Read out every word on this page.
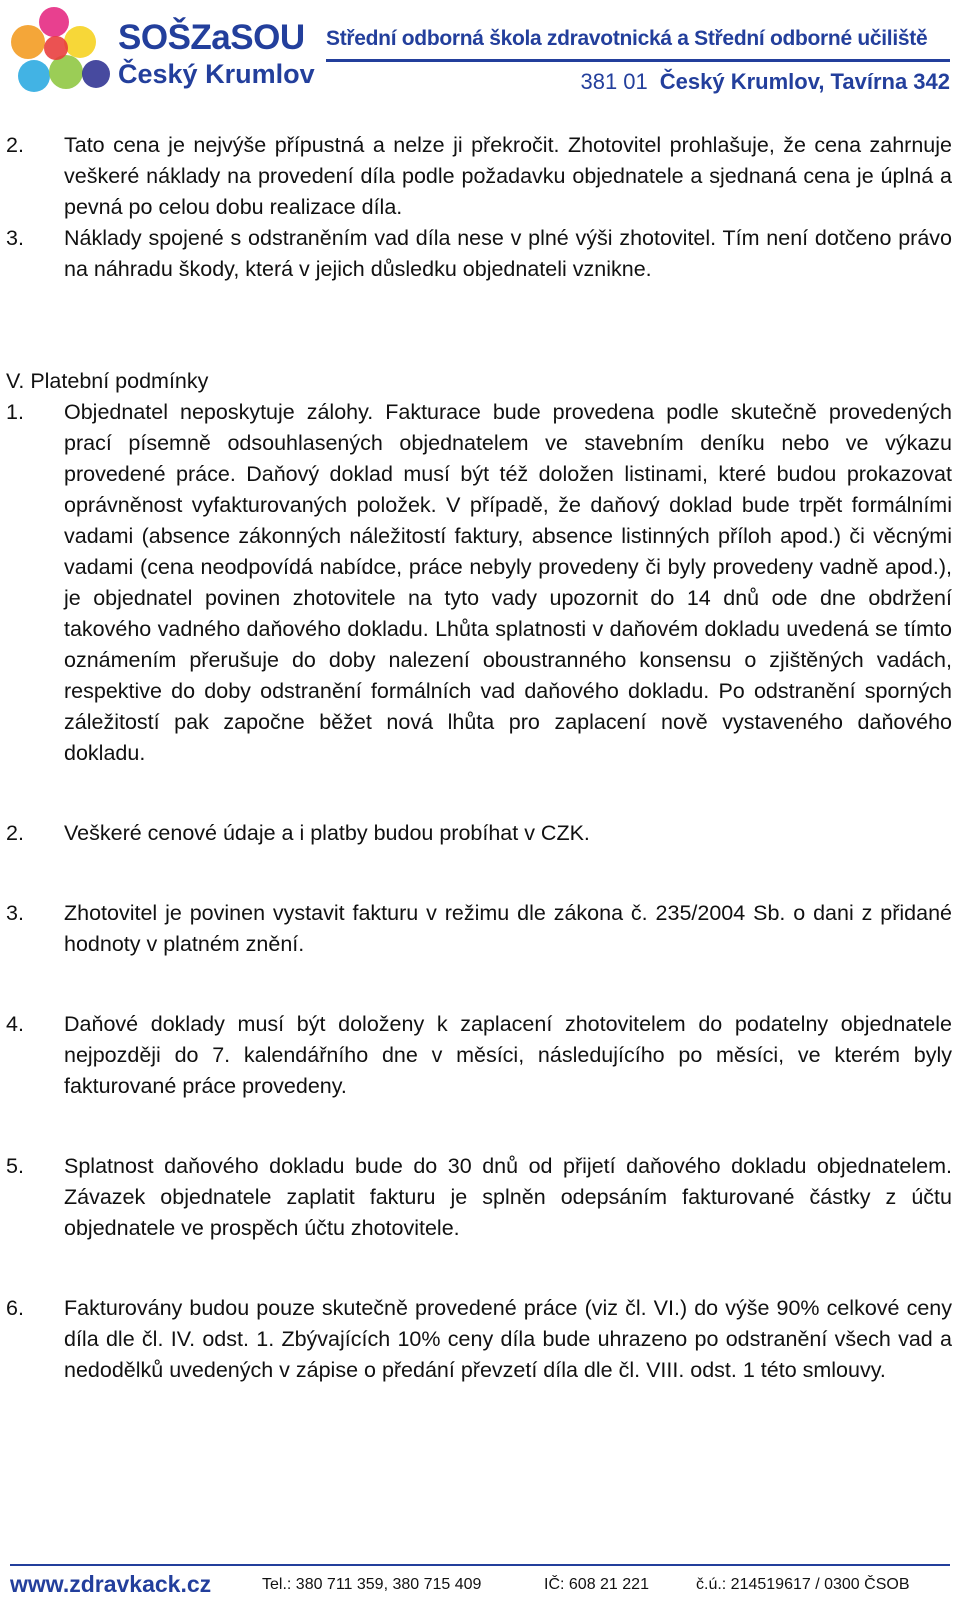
SOŠZaSOU
Český Krumlov
Střední odborná škola zdravotnická a Střední odborné učiliště
381 01 Český Krumlov, Tavírna 342
2. Tato cena je nejvýše přípustná a nelze ji překročit. Zhotovitel prohlašuje, že cena zahrnuje veškeré náklady na provedení díla podle požadavku objednatele a sjednaná cena je úplná a pevná po celou dobu realizace díla.
3. Náklady spojené s odstraněním vad díla nese v plné výši zhotovitel. Tím není dotčeno právo na náhradu škody, která v jejich důsledku objednateli vznikne.
V. Platební podmínky
1. Objednatel neposkytuje zálohy. Fakturace bude provedena podle skutečně provedených prací písemně odsouhlasených objednatelem ve stavebním deníku nebo ve výkazu provedené práce. Daňový doklad musí být též doložen listinami, které budou prokazovat oprávněnost vyfakturovaných položek. V případě, že daňový doklad bude trpět formálními vadami (absence zákonných náležitostí faktury, absence listinných příloh apod.) či věcnými vadami (cena neodpovídá nabídce, práce nebyly provedeny či byly provedeny vadně apod.), je objednatel povinen zhotovitele na tyto vady upozornit do 14 dnů ode dne obdržení takového vadného daňového dokladu. Lhůta splatnosti v daňovém dokladu uvedená se tímto oznámením přerušuje do doby nalezení oboustranného konsensu o zjištěných vadách, respektive do doby odstranění formálních vad daňového dokladu. Po odstranění sporných záležitostí pak započne běžet nová lhůta pro zaplacení nově vystaveného daňového dokladu.
2. Veškeré cenové údaje a i platby budou probíhat v CZK.
3. Zhotovitel je povinen vystavit fakturu v režimu dle zákona č. 235/2004 Sb. o dani z přidané hodnoty v platném znění.
4. Daňové doklady musí být doloženy k zaplacení zhotovitelem do podatelny objednatele nejpozději do 7. kalendářního dne v měsíci, následujícího po měsíci, ve kterém byly fakturované práce provedeny.
5. Splatnost daňového dokladu bude do 30 dnů od přijetí daňového dokladu objednatelem. Závazek objednatele zaplatit fakturu je splněn odepsáním fakturované částky z účtu objednatele ve prospěch účtu zhotovitele.
6. Fakturovány budou pouze skutečně provedené práce (viz čl. VI.) do výše 90% celkové ceny díla dle čl. IV. odst. 1. Zbývajících 10% ceny díla bude uhrazeno po odstranění všech vad a nedodělků uvedených v zápise o předání převzetí díla dle čl. VIII. odst. 1 této smlouvy.
www.zdravkack.cz	Tel.: 380 711 359, 380 715 409	IČ: 608 21 221	č.ú.: 214519617 / 0300 ČSOB
